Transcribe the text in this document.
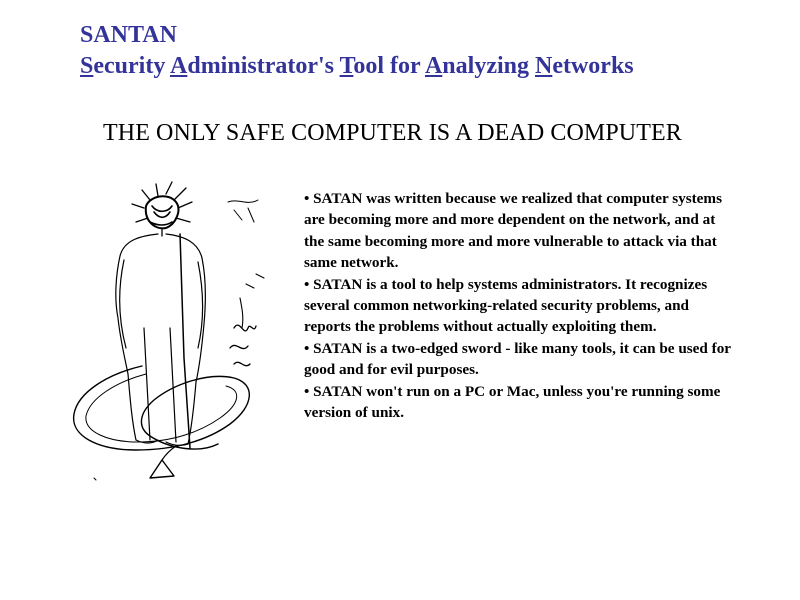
SANTAN
Security Administrator's Tool for Analyzing Networks
THE ONLY SAFE COMPUTER IS A DEAD COMPUTER

• SATAN was written because we realized that computer systems are becoming more and more dependent on the network, and at the same becoming more and more vulnerable to attack via that same network.

• SATAN is a tool to help systems administrators. It recognizes several common networking-related security problems, and reports the problems without actually exploiting them.

• SATAN is a two-edged sword - like many tools, it can be used for good and for evil purposes.

• SATAN won't run on a PC or Mac, unless you're running some version of unix.
